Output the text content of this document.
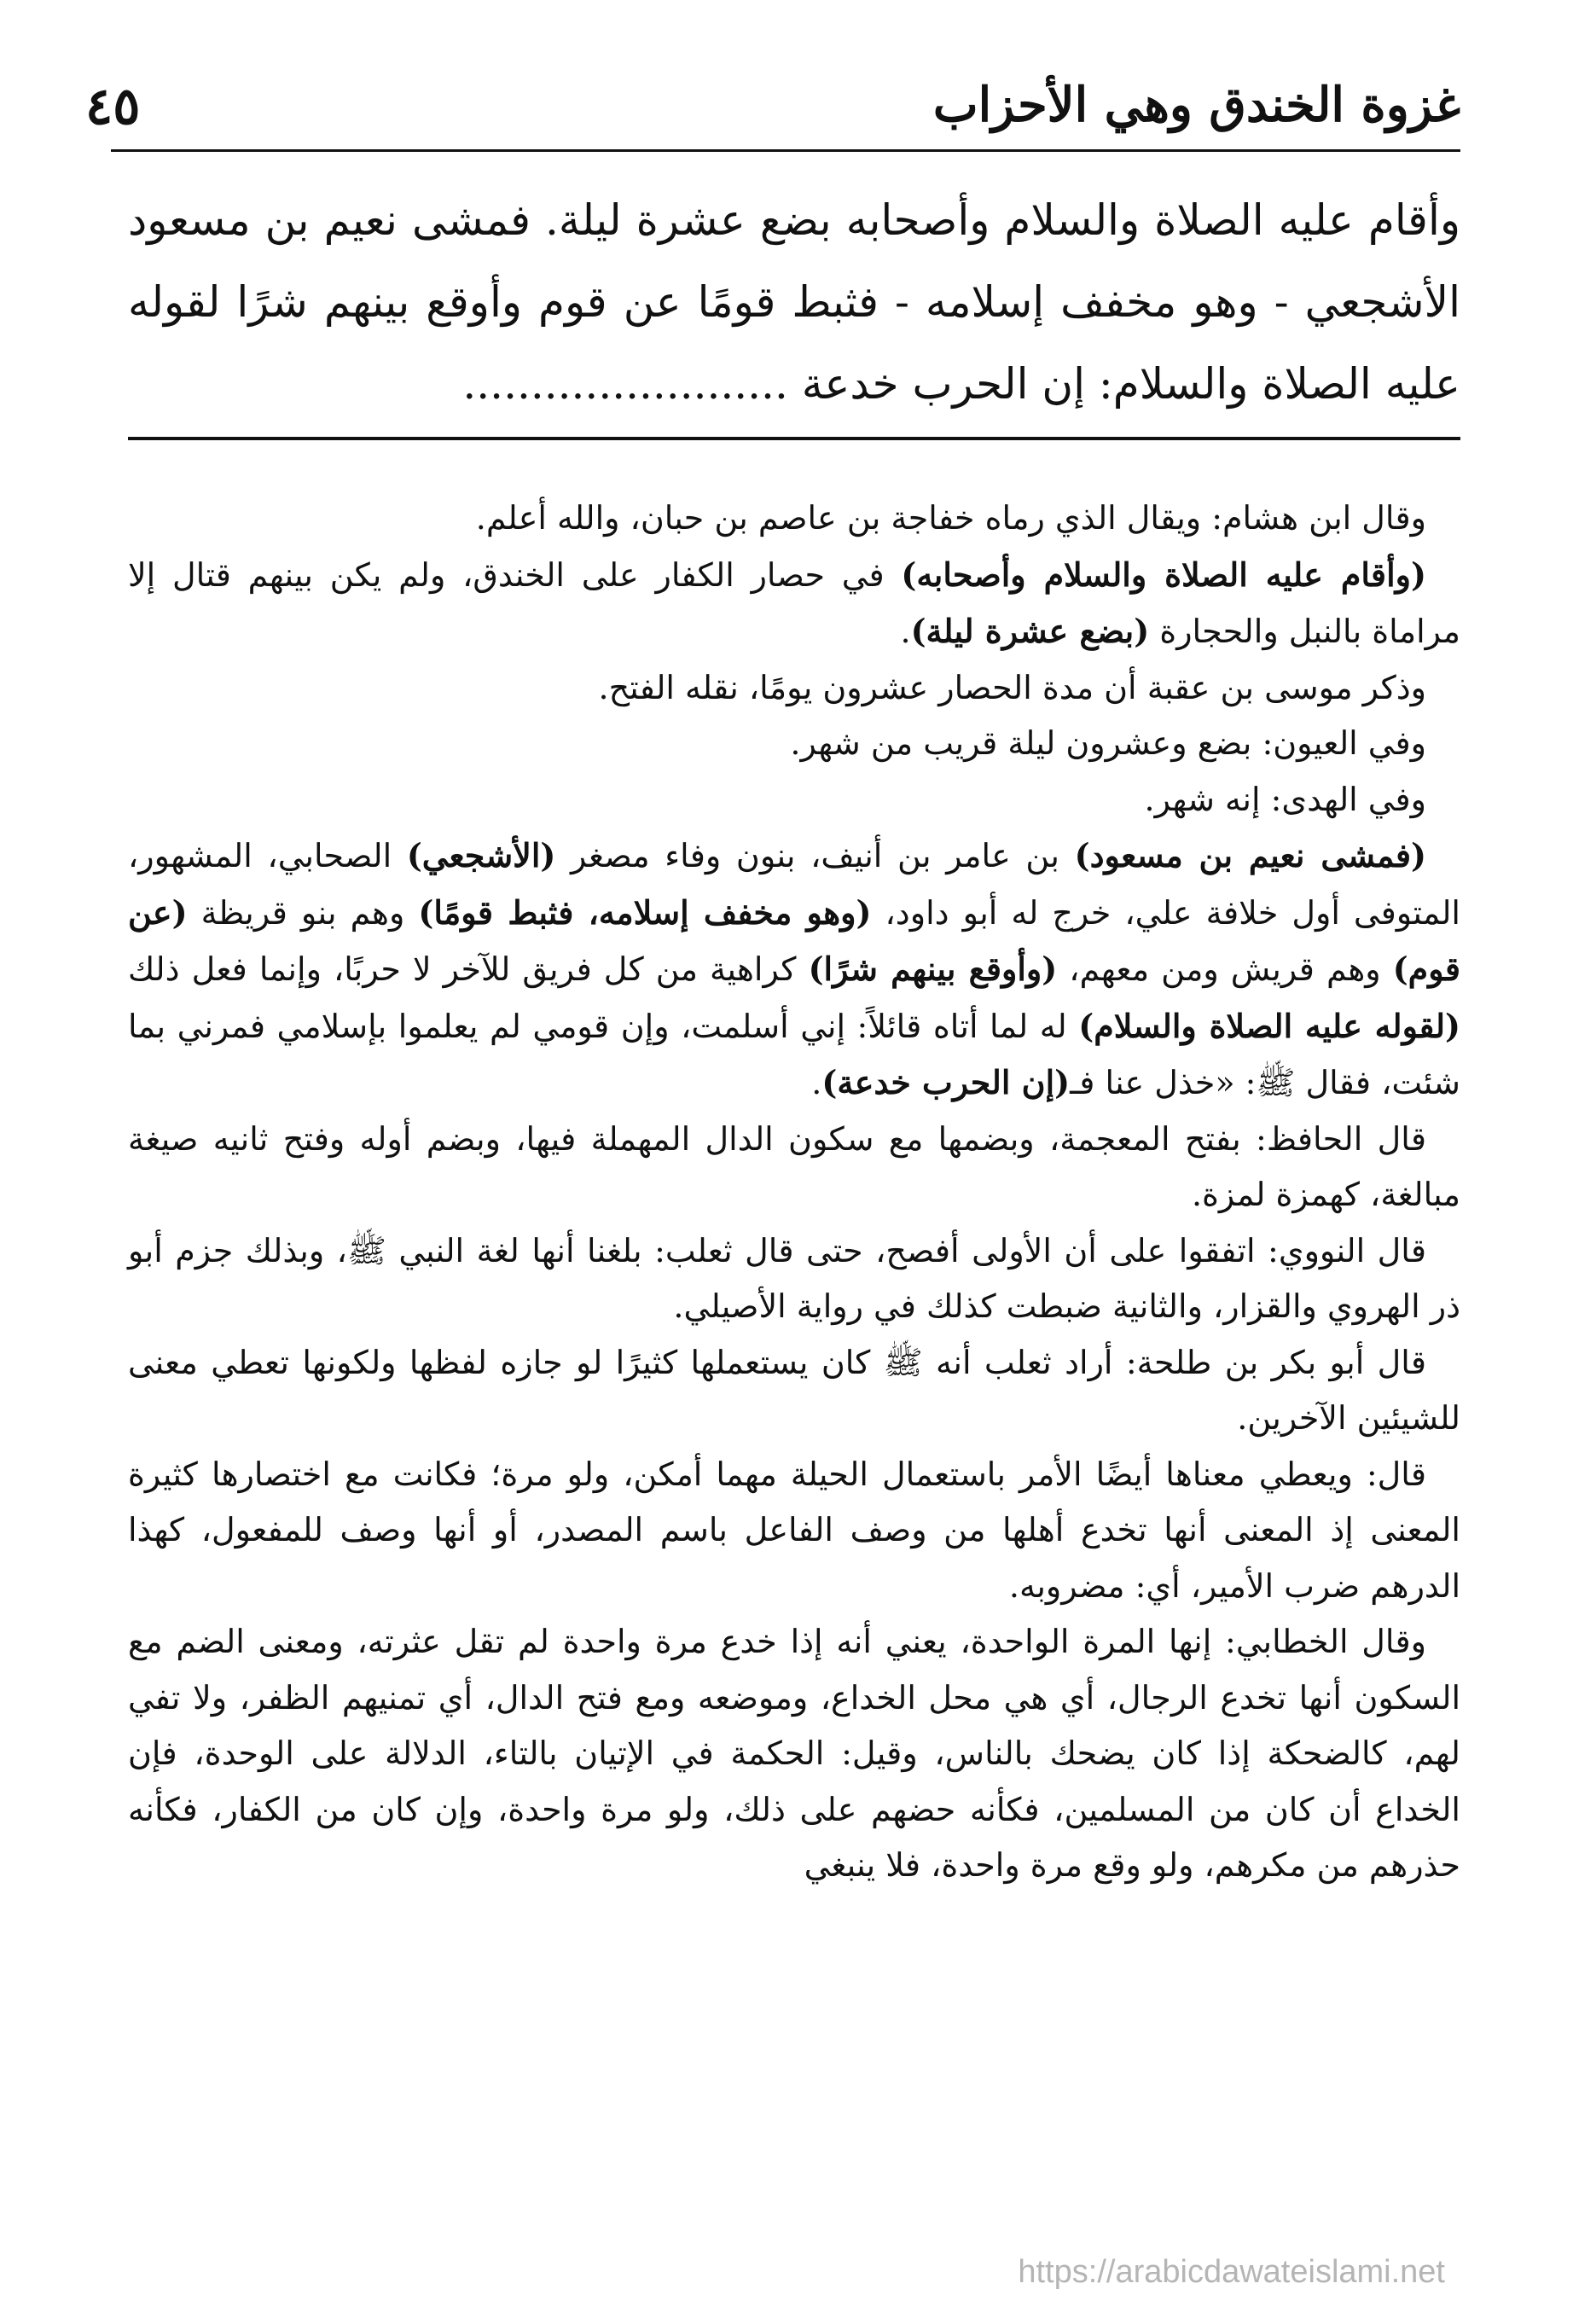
غزوة الخندق وهي الأحزاب
٤٥
وأقام عليه الصلاة والسلام وأصحابه بضع عشرة ليلة. فمشى نعيم بن مسعود الأشجعي - وهو مخفف إسلامه - فثبط قومًا عن قوم وأوقع بينهم شرًا لقوله عليه الصلاة والسلام: إن الحرب خدعة ........................

وقال ابن هشام: ويقال الذي رماه خفاجة بن عاصم بن حبان، والله أعلم.

(وأقام عليه الصلاة والسلام وأصحابه) في حصار الكفار على الخندق، ولم يكن بينهم قتال إلا مراماة بالنبل والحجارة (بضع عشرة ليلة).

وذكر موسى بن عقبة أن مدة الحصار عشرون يومًا، نقله الفتح.

وفي العيون: بضع وعشرون ليلة قريب من شهر.

وفي الهدى: إنه شهر.

(فمشى نعيم بن مسعود) بن عامر بن أنيف، بنون وفاء مصغر (الأشجعي) الصحابي، المشهور، المتوفى أول خلافة علي، خرج له أبو داود، (وهو مخفف إسلامه، فثبط قومًا) وهم بنو قريظة (عن قوم) وهم قريش ومن معهم، (وأوقع بينهم شرًا) كراهية من كل فريق للآخر لا حربًا، وإنما فعل ذلك (لقوله عليه الصلاة والسلام) له لما أتاه قائلاً: إني أسلمت، وإن قومي لم يعلموا بإسلامي فمرني بما شئت، فقال ﷺ: «خذل عنا فـ(إن الحرب خدعة).

قال الحافظ: بفتح المعجمة، وبضمها مع سكون الدال المهملة فيها، وبضم أوله وفتح ثانيه صيغة مبالغة، كهمزة لمزة.

قال النووي: اتفقوا على أن الأولى أفصح، حتى قال ثعلب: بلغنا أنها لغة النبي ﷺ، وبذلك جزم أبو ذر الهروي والقزار، والثانية ضبطت كذلك في رواية الأصيلي.

قال أبو بكر بن طلحة: أراد ثعلب أنه ﷺ كان يستعملها كثيرًا لو جازه لفظها ولكونها تعطي معنى للشيئين الآخرين.

قال: ويعطي معناها أيضًا الأمر باستعمال الحيلة مهما أمكن، ولو مرة؛ فكانت مع اختصارها كثيرة المعنى إذ المعنى أنها تخدع أهلها من وصف الفاعل باسم المصدر، أو أنها وصف للمفعول، كهذا الدرهم ضرب الأمير، أي: مضروبه.

وقال الخطابي: إنها المرة الواحدة، يعني أنه إذا خدع مرة واحدة لم تقل عثرته، ومعنى الضم مع السكون أنها تخدع الرجال، أي هي محل الخداع، وموضعه ومع فتح الدال، أي تمنيهم الظفر، ولا تفي لهم، كالضحكة إذا كان يضحك بالناس، وقيل: الحكمة في الإتيان بالتاء، الدلالة على الوحدة، فإن الخداع أن كان من المسلمين، فكأنه حضهم على ذلك، ولو مرة واحدة، وإن كان من الكفار، فكأنه حذرهم من مكرهم، ولو وقع مرة واحدة، فلا ينبغي

https://arabicdawateislami.net
